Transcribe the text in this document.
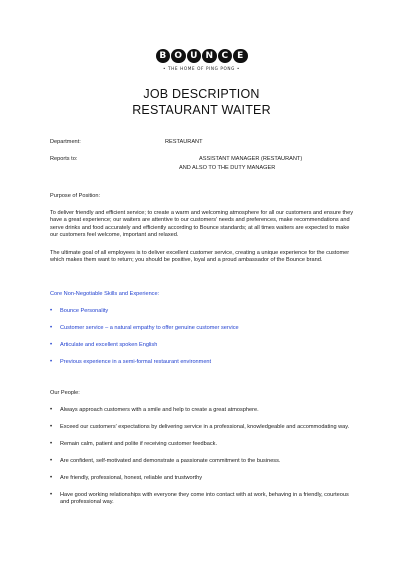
B O U N C	E
• THE HOME OF PING PONG •
JOB DESCRIPTION
RESTAURANT WAITER
Department:	RESTAURANT
Reports to:	ASSISTANT MANAGER (RESTAURANT)
AND ALSO TO THE DUTY MANAGER
Purpose of Position:
To deliver friendly and efficient service; to create a warm and welcoming atmosphere for all our customers and ensure they have a great experience; our waiters are attentive to our customers' needs and preferences, make recommendations and serve drinks and food accurately and efficiently according to Bounce standards; at all times waiters are expected to make our customers feel welcome, important and relaxed.
The ultimate goal of all employees is to deliver excellent customer service, creating a unique experience for the customer which makes them want to return; you should be positive, loyal and a proud ambassador of the Bounce brand.
Core Non-Negotiable Skills and Experience:
• Bounce Personality
• Customer service – a natural empathy to offer genuine customer service
• Articulate and excellent spoken English
• Previous experience in a semi-formal restaurant environment
Our People:
• Always approach customers with a smile and help to create a great atmosphere.
• Exceed our customers' expectations by delivering service in a professional, knowledgeable and accommodating way.
• Remain calm, patient and polite if receiving customer feedback.
• Are confident, self-motivated and demonstrate a passionate commitment to the business.
• Are friendly, professional, honest, reliable and trustworthy
• Have good working relationships with everyone they come into contact with at work, behaving in a friendly, courteous and professional way.
